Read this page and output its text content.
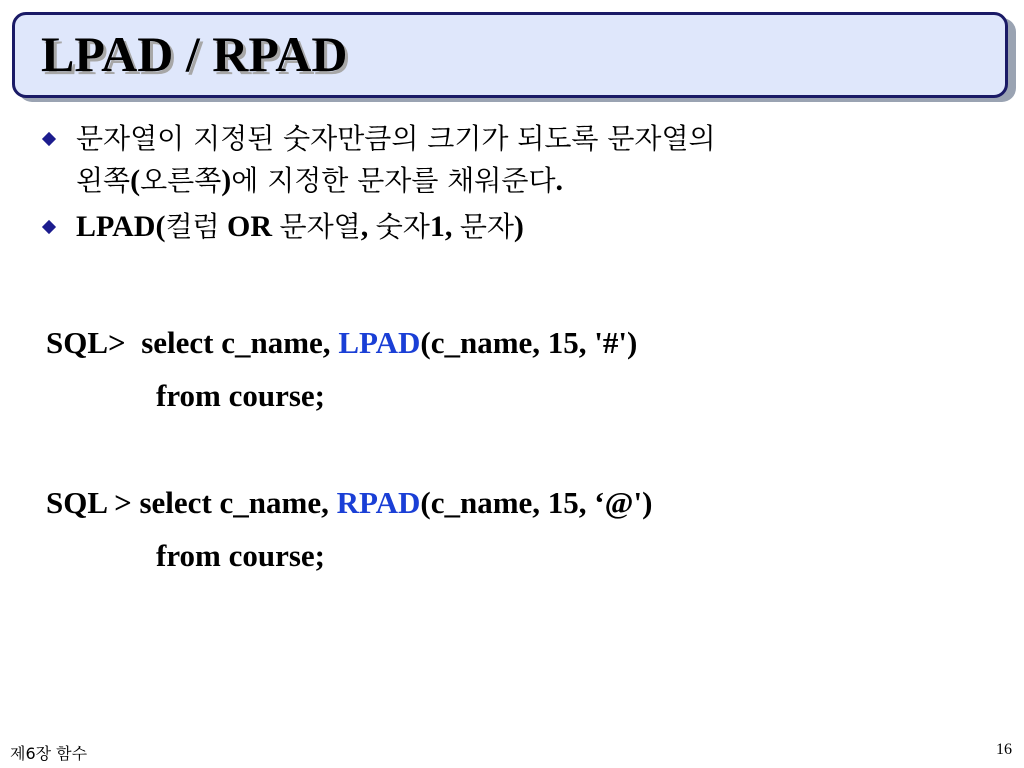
LPAD / RPAD
문자열이 지정된 숫자만큼의 크기가 되도록 문자열의
왼쪽(오른쪽)에 지정한 문자를 채워준다.
LPAD(컬럼 OR 문자열, 숫자1, 문자)
SQL>  select c_name, LPAD(c_name, 15, '#')
from course;
SQL > select c_name, RPAD(c_name, 15, ‘@')
from course;
제6장 함수	16
